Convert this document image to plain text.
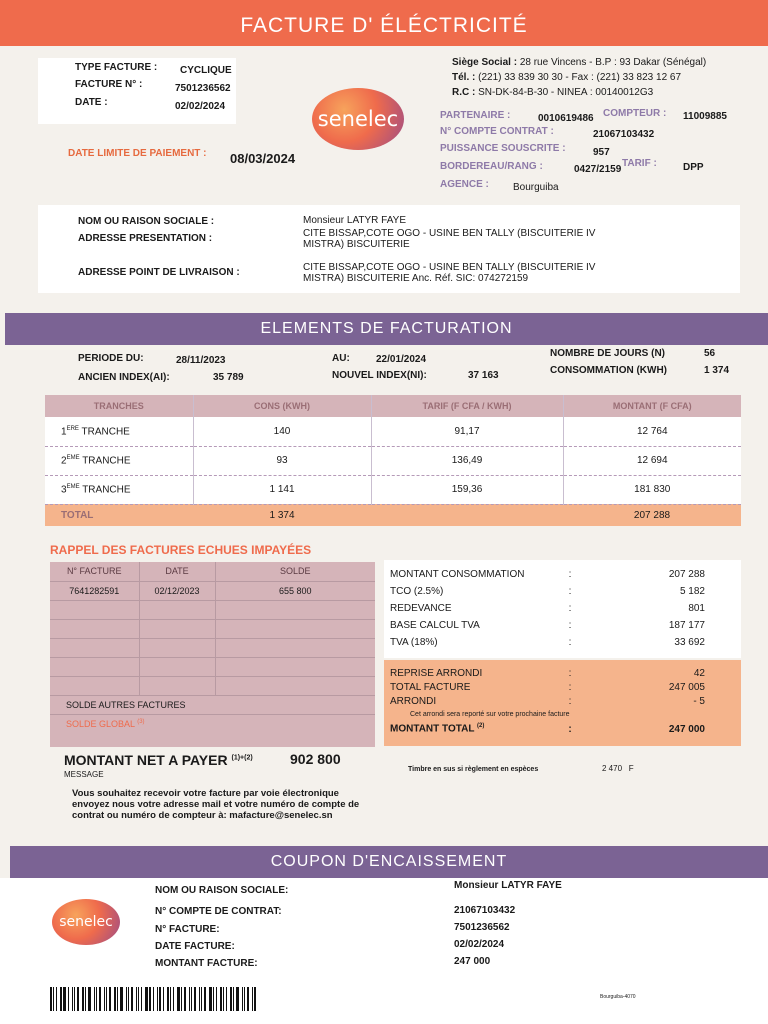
FACTURE D' ÉLÉCTRICITÉ
TYPE FACTURE : CYCLIQUE
FACTURE N° :	7501236562
DATE :	02/02/2024
senelec
Siège Social : 28 rue Vincens - B.P : 93 Dakar (Sénégal)
Tél. : (221) 33 839 30 30 - Fax : (221) 33 823 12 67
R.C : SN-DK-84-B-30 - NINEA : 00140012G3
PARTENAIRE :	0010619486 COMPTEUR : 11009885
N° COMPTE CONTRAT :	21067103432
PUISSANCE SOUSCRITE :	957
BORDEREAU/RANG :	0427/2159
TARIF :	DPP
AGENCE : Bourguiba
DATE LIMITE DE PAIEMENT : 08/03/2024
NOM OU RAISON SOCIALE :	Monsieur LATYR FAYE
ADRESSE PRESENTATION :	CITE BISSAP,COTE OGO - USINE BEN TALLY (BISCUITERIE IV MISTRA) BISCUITERIE
ADRESSE POINT DE LIVRAISON :	CITE BISSAP,COTE OGO - USINE BEN TALLY (BISCUITERIE IV MISTRA) BISCUITERIE Anc. Réf. SIC: 074272159
ELEMENTS DE FACTURATION
PERIODE DU:	28/11/2023	AU:	22/01/2024
NOMBRE DE JOURS (N)	56
ANCIEN INDEX(AI):	35 789	NOUVEL INDEX(NI):	37 163	CONSOMMATION (KWH)	1 374
TRANCHES	CONS (KWH)	TARIF (F CFA / KWH)	MONTANT (F CFA)
1ERE TRANCHE	140	91,17	12 764
2EME TRANCHE	93	136,49	12 694
3EME TRANCHE	1 141	159,36	181 830
TOTAL	1 374		207 288
RAPPEL DES FACTURES ECHUES IMPAYÉES
N° FACTURE	DATE	SOLDE
7641282591	02/12/2023	655 800

SOLDE AUTRES FACTURES		
SOLDE GLOBAL $^{(3)}$
MONTANT CONSOMMATION	:	207 288
TCO (2.5%)	:	5 182
REDEVANCE	:	801
BASE CALCUL TVA	:	187 177
TVA (18%)	:	33 692
REPRISE ARRONDI	:	42
TOTAL FACTURE	:	247 005
ARRONDI	:	- 5
Cet arrondi sera reporté sur votre prochaine facture
MONTANT TOTAL $^{(2)}$	:	247 000
MONTANT NET A PAYER $^{(1)+(2)}$	902 800
MESSAGE
Timbre en sus si règlement en espèces	2 470 F
Vous souhaitez recevoir votre facture par voie électronique envoyez nous votre adresse mail et votre numéro de compte de contrat ou numéro de compteur à: mafacture@senelec.sn
COUPON D'ENCAISSEMENT
senelec
NOM OU RAISON SOCIALE:	Monsieur LATYR FAYE
N° COMPTE DE CONTRAT:	21067103432
N° FACTURE:	7501236562
DATE FACTURE:	02/02/2024
MONTANT FACTURE:	247 000
Bourguiba-4070
